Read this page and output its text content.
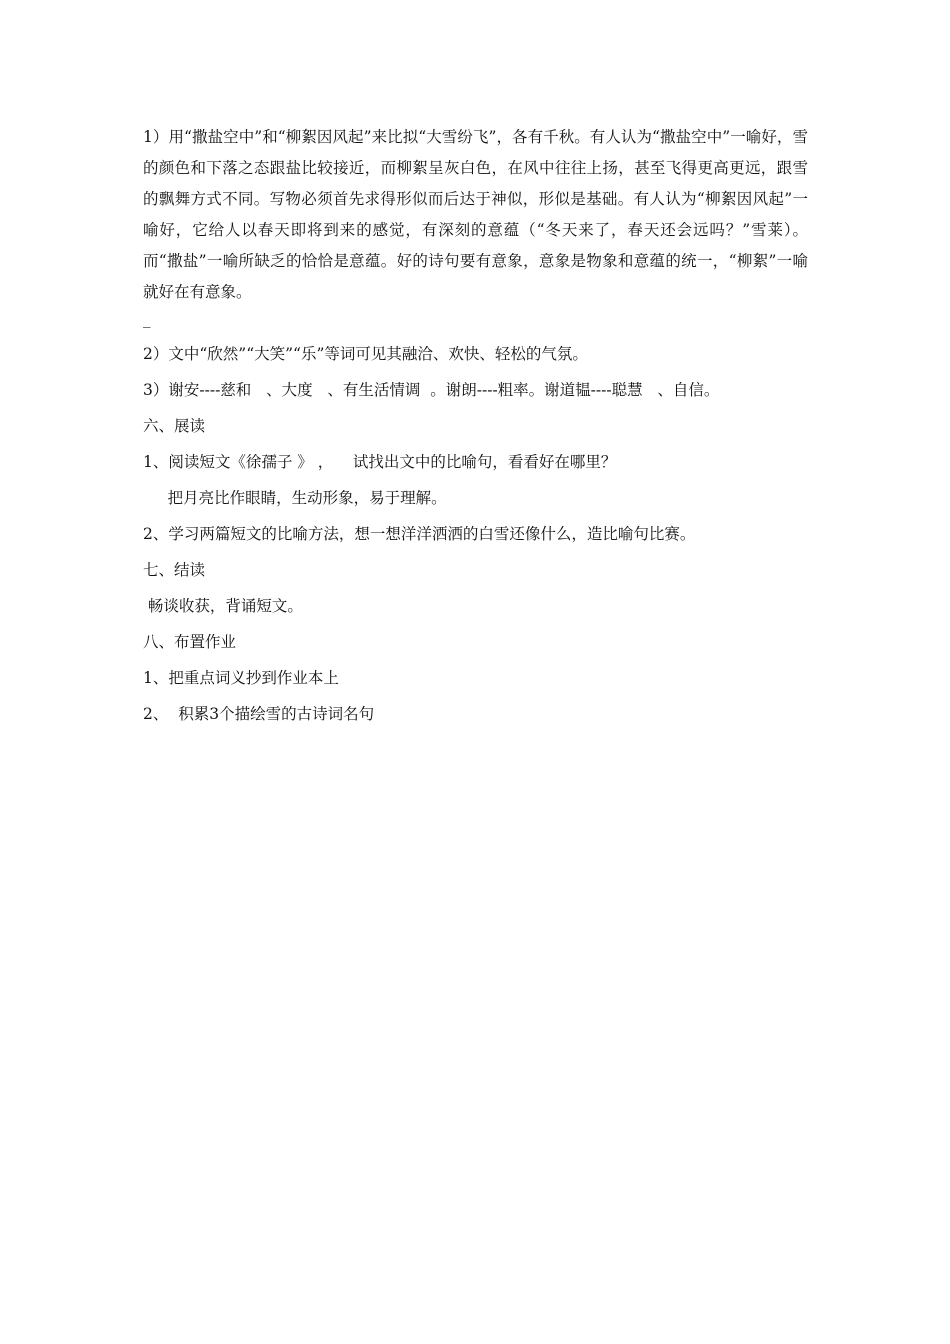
1）用“撒盐空中”和“柳絮因风起”来比拟“大雪纷飞”，各有千秋。有人认为“撒盐空中”一喻好，雪的颜色和下落之态跟盐比较接近，而柳絮呈灰白色，在风中往往上扬，甚至飞得更高更远，跟雪的飘舞方式不同。写物必须首先求得形似而后达于神似，形似是基础。有人认为“柳絮因风起”一喻好，它给人以春天即将到来的感觉，有深刻的意蕴（“冬天来了，春天还会远吗？”雪莱）。而“撒盐”一喻所缺乏的恰恰是意蕴。好的诗句要有意象，意象是物象和意蕴的统一，“柳絮”一喻就好在有意象。

_
2）文中“欣然”“大笑”“乐”等词可见其融洽、欢快、轻松的气氛。
3）谢安----慈和   、大度   、有生活情调  。谢朗----粗率。谢道韫----聪慧   、自信。
六、展读
1、阅读短文《徐孺子 》 ，    试找出文中的比喻句，看看好在哪里？
把月亮比作眼睛，生动形象，易于理解。
2、学习两篇短文的比喻方法，想一想洋洋洒洒的白雪还像什么，造比喻句比赛。
七、结读
畅谈收获，背诵短文。
八、布置作业
1、把重点词义抄到作业本上
2、  积累3个描绘雪的古诗词名句
